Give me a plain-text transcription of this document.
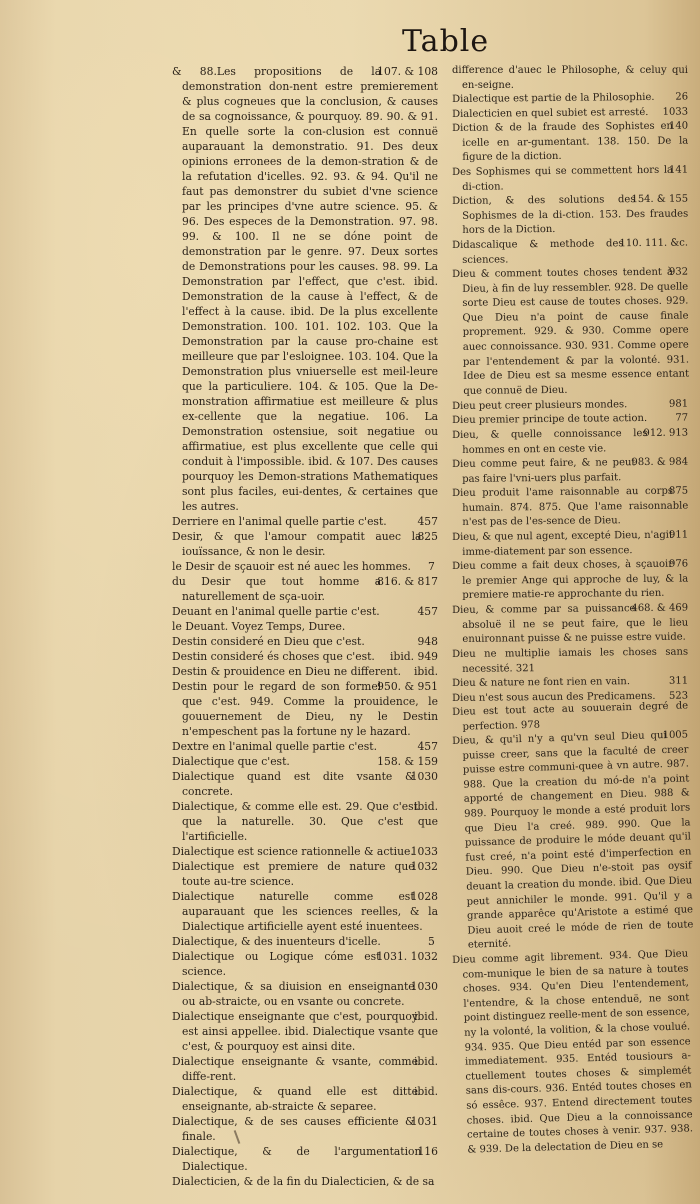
Table

107. & 108
& 88.Les propositions de la demonstration don-nent estre premierement & plus cogneues que la conclusion, & causes de sa cognoissance, & pourquoy. 89. 90. & 91. En quelle sorte la con-clusion est connuë auparauant la demonstratio. 91. Des deux opinions erronees de la demon-stration & de la refutation d'icelles. 92. 93. & 94. Qu'il ne faut pas demonstrer du subiet d'vne science par les principes d'vne autre science. 95. & 96. Des especes de la Demonstration. 97. 98. 99. & 100. Il ne se dóne point de demonstration par le genre. 97. Deux sortes de Demonstrations pour les causes. 98. 99. La Demonstration par l'effect, que c'est. ibid. Demonstration de la cause à l'effect, & de l'effect à la cause. ibid. De la plus excellente Demonstration. 100. 101. 102. 103. Que la Demonstration par la cause pro-chaine est meilleure que par l'esloignee. 103. 104. Que la Demonstration plus vniuerselle est meil-leure que la particuliere. 104. & 105. Que la De-monstration affirmatiue est meilleure & plus ex-cellente que la negatiue. 106. La Demonstration ostensiue, soit negatiue ou affirmatiue, est plus excellente que celle qui conduit à l'impossible. ibid. & 107. Des causes pourquoy les Demon-strations Mathematiques sont plus faciles, eui-dentes, & certaines que les autres.

457
Derriere en l'animal quelle partie c'est.

825
Desir, & que l'amour compatit auec la iouïssance, & non le desir.

7
le Desir de sçauoir est né auec les hommes.

816. & 817
du Desir que tout homme a naturellement de sça-uoir.

457
Deuant en l'animal quelle partie c'est.

le Deuant. Voyez Temps, Duree.

948
Destin consideré en Dieu que c'est.

ibid. 949
Destin consideré és choses que c'est.

ibid.
Destin & prouidence en Dieu ne different.

950. & 951
Destin pour le regard de son formel que c'est. 949. Comme la prouidence, le gouuernement de Dieu, ny le Destin n'empeschent pas la fortune ny le hazard.

457
Dextre en l'animal quelle partie c'est.

158. & 159
Dialectique que c'est.

1030
Dialectique quand est dite vsante & concrete.

ibid.
Dialectique, & comme elle est. 29. Que c'est que la naturelle. 30. Que c'est que l'artificielle.

1033
Dialectique est science rationnelle & actiue.

1032
Dialectique est premiere de nature que toute au-tre science.

1028
Dialectique naturelle comme est auparauant que les sciences reelles, & la Dialectique artificielle ayent esté inuentees.

5
Dialectique, & des inuenteurs d'icelle.

1031. 1032
Dialectique ou Logique cóme est science.

1030
Dialectique, & sa diuision en enseignante ou ab-straicte, ou en vsante ou concrete.

ibid.
Dialectique enseignante que c'est, pourquoy est ainsi appellee. ibid. Dialectique vsante que c'est, & pourquoy est ainsi dite.

ibid.
Dialectique enseignante & vsante, comme diffe-rent.

ibid.
Dialectique, & quand elle est ditte enseignante, ab-straicte & separee.

1031
Dialectique, & de ses causes efficiente & finale.

116
Dialectique, & de l'argumentation Dialectique.

Dialecticien, & de la fin du Dialecticien, & de sa

difference d'auec le Philosophe, & celuy qui en-seigne.

26
Dialectique est partie de la Philosophie.

1033
Dialecticien en quel subiet est arresté.

140
Diction & de la fraude des Sophistes en icelle en ar-gumentant. 138. 150. De la figure de la diction.

141
Des Sophismes qui se commettent hors la di-ction.

154. & 155
Diction, & des solutions des Sophismes de la di-ction. 153. Des fraudes hors de la Diction.

110. 111. &c.
Didascalique & methode des sciences.

932
Dieu & comment toutes choses tendent à Dieu, à fin de luy ressembler. 928. De quelle sorte Dieu est cause de toutes choses. 929. Que Dieu n'a point de cause finale proprement. 929. & 930. Comme opere auec connoissance. 930. 931. Comme opere par l'entendement & par la volonté. 931. Idee de Dieu est sa mesme essence entant que connuë de Dieu.

981
Dieu peut creer plusieurs mondes.

77
Dieu premier principe de toute action.

912. 913
Dieu, & quelle connoissance les hommes en ont en ceste vie.

983. & 984
Dieu comme peut faire, & ne peut pas faire l'vni-uers plus parfait.

875
Dieu produit l'ame raisonnable au corps humain. 874. 875. Que l'ame raisonnable n'est pas de l'es-sence de Dieu.

911
Dieu, & que nul agent, excepté Dieu, n'agit imme-diatement par son essence.

976
Dieu comme a fait deux choses, à sçauoir le premier Ange qui approche de luy, & la premiere matie-re approchante du rien.

468. & 469
Dieu, & comme par sa puissance absoluë il ne se peut faire, que le lieu enuironnant puisse & ne puisse estre vuide.

Dieu ne multiplie iamais les choses sans necessité. 321

311
Dieu & nature ne font rien en vain.

523
Dieu n'est sous aucun des Predicamens.

Dieu est tout acte au souuerain degré de perfection. 978

1005
Dieu, & qu'il n'y a qu'vn seul Dieu qui puisse creer, sans que la faculté de creer puisse estre communi-quee à vn autre. 987. 988. Que la creation du mó-de n'a point apporté de changement en Dieu. 988 & 989. Pourquoy le monde a esté produit lors que Dieu l'a creé. 989. 990. Que la puissance de produire le móde deuant qu'il fust creé, n'a point esté d'imperfection en Dieu. 990. Que Dieu n'e-stoit pas oysif deuant la creation du monde. ibid. Que Dieu peut annichiler le monde. 991. Qu'il y a grande apparêce qu'Aristote a estimé que Dieu auoit creé le móde de rien de toute eternité.

Dieu comme agit librement. 934. Que Dieu com-munique le bien de sa nature à toutes choses. 934. Qu'en Dieu l'entendement, l'entendre, & la chose entenduë, ne sont point distinguez reelle-ment de son essence, ny la volonté, la volition, & la chose voulué. 934. 935. Que Dieu entéd par son essence immediatement. 935. Entéd tousiours a-ctuellement toutes choses & simplemét sans dis-cours. 936. Entéd toutes choses en só essêce. 937. Entend directement toutes choses. ibid. Que Dieu a la connoissance certaine de toutes choses à venir. 937. 938. & 939. De la delectation de Dieu en se
